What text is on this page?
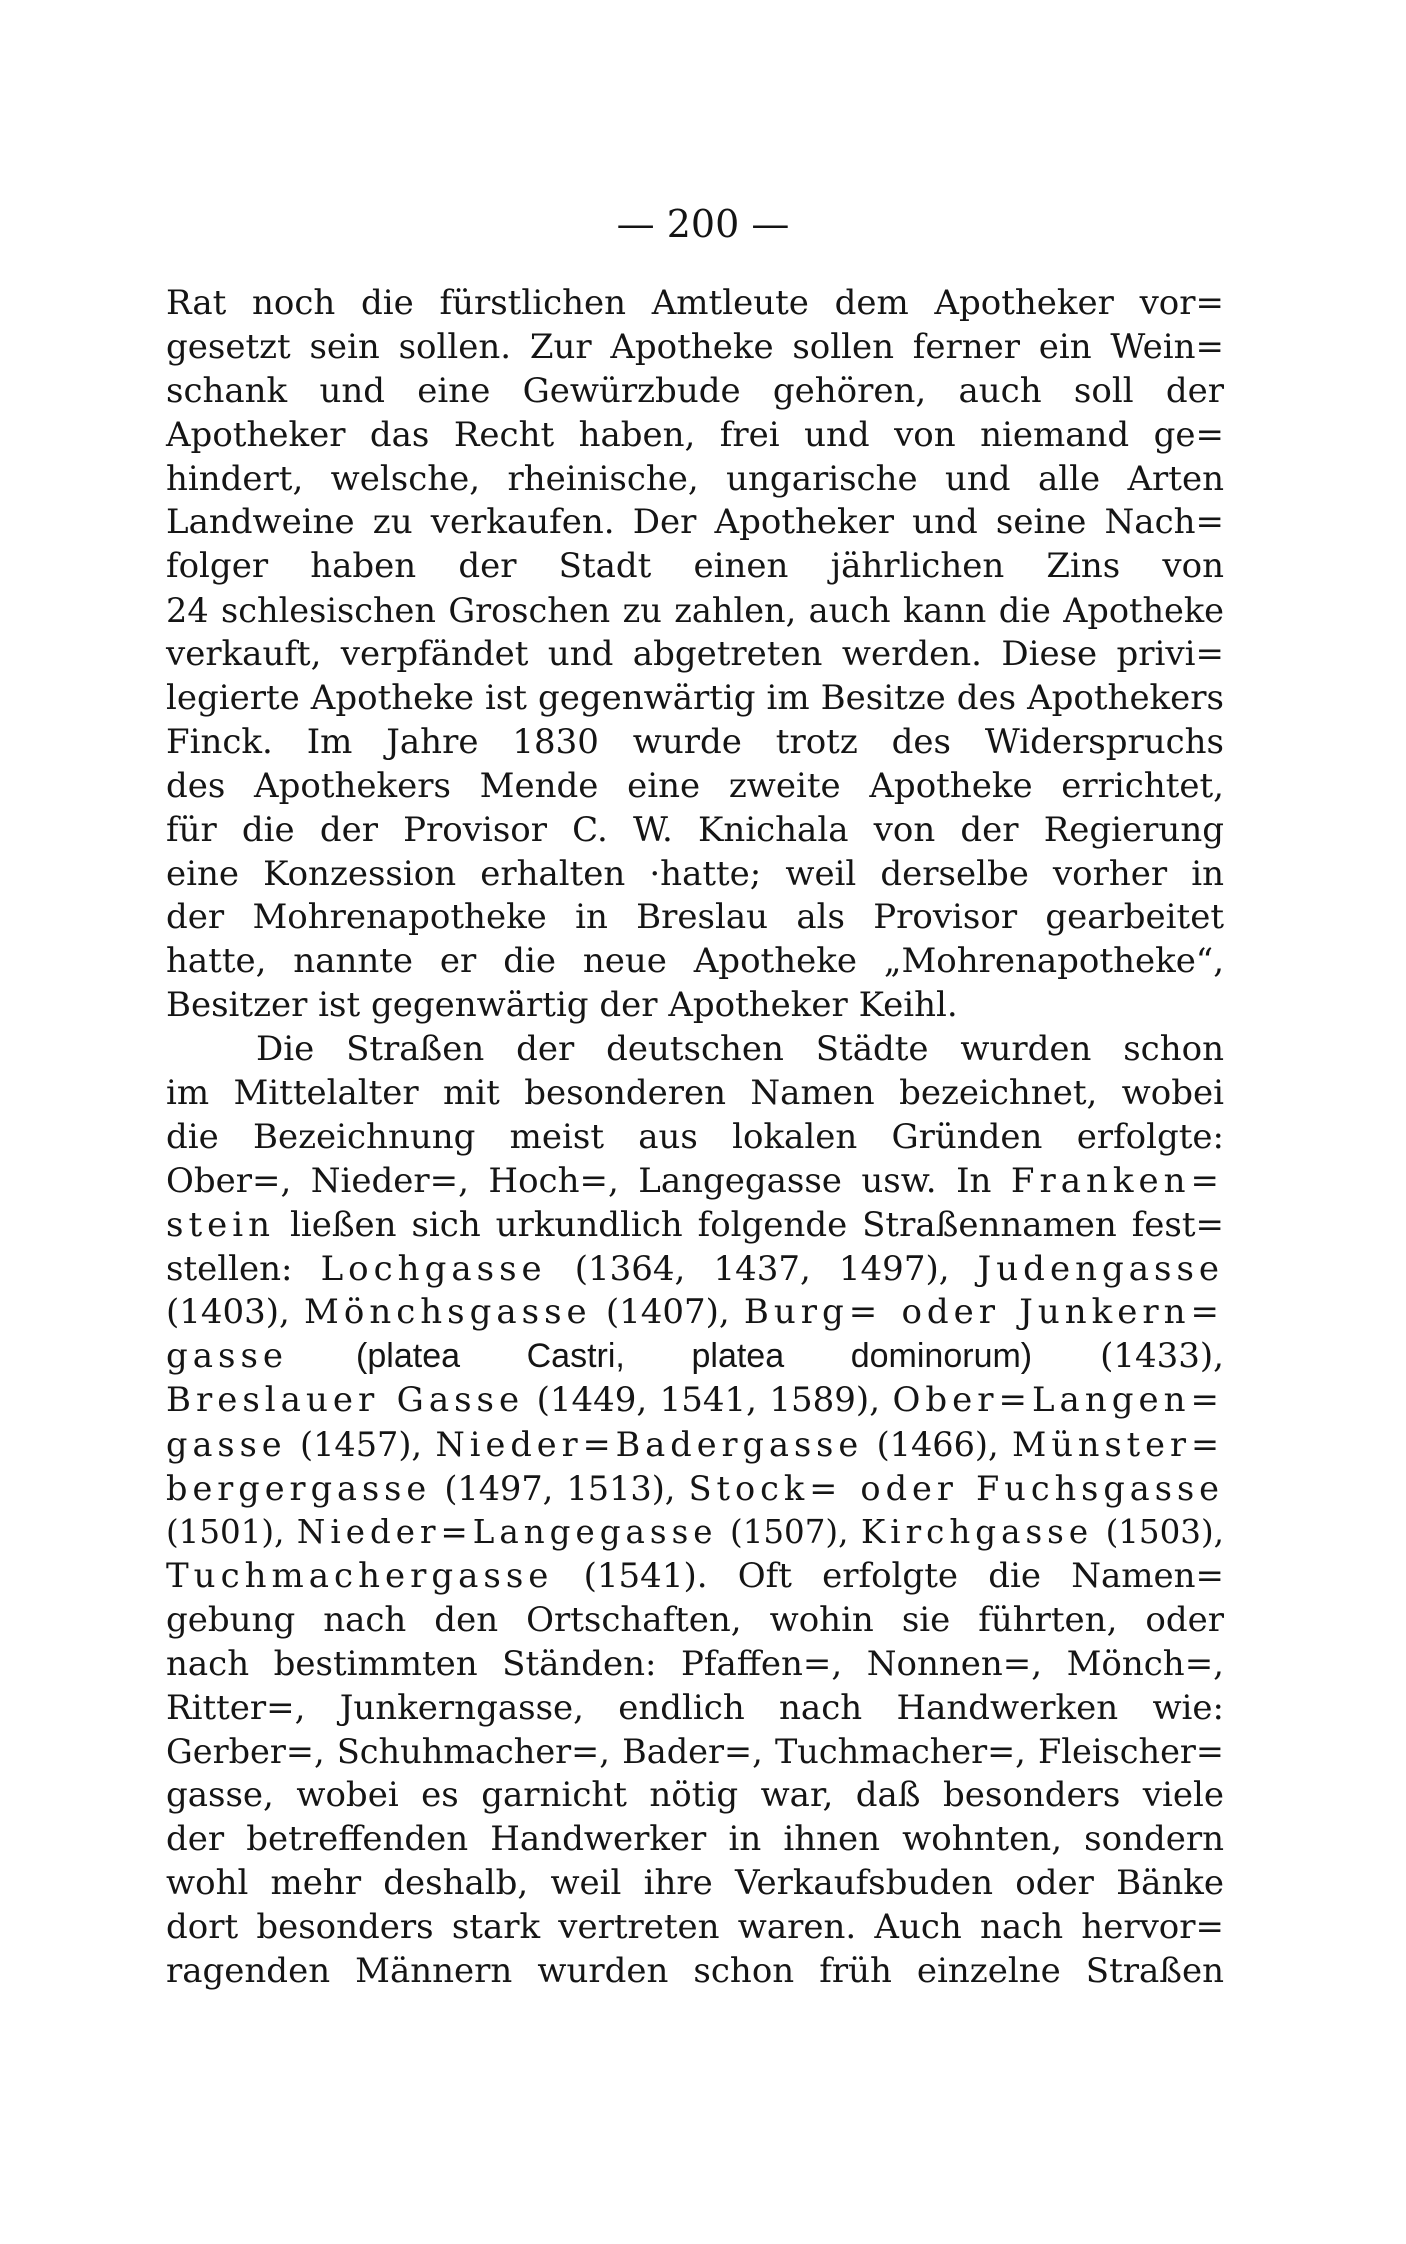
— 200 —
Rat noch die fürstlichen Amtleute dem Apotheker vor=
gesetzt sein sollen. Zur Apotheke sollen ferner ein Wein=
schank und eine Gewürzbude gehören, auch soll der
Apotheker das Recht haben, frei und von niemand ge=
hindert, welsche, rheinische, ungarische und alle Arten
Landweine zu verkaufen. Der Apotheker und seine Nach=
folger haben der Stadt einen jährlichen Zins von
24 schlesischen Groschen zu zahlen, auch kann die Apotheke
verkauft, verpfändet und abgetreten werden. Diese privi=
legierte Apotheke ist gegenwärtig im Besitze des Apothekers
Finck. Im Jahre 1830 wurde trotz des Widerspruchs
des Apothekers Mende eine zweite Apotheke errichtet,
für die der Provisor C. W. Knichala von der Regierung
eine Konzession erhalten ·hatte; weil derselbe vorher in
der Mohrenapotheke in Breslau als Provisor gearbeitet
hatte, nannte er die neue Apotheke „Mohrenapotheke“,
Besitzer ist gegenwärtig der Apotheker Keihl.
Die Straßen der deutschen Städte wurden schon
im Mittelalter mit besonderen Namen bezeichnet, wobei
die Bezeichnung meist aus lokalen Gründen erfolgte:
Ober=, Nieder=, Hoch=, Langegasse usw. In Franken=
stein ließen sich urkundlich folgende Straßennamen fest=
stellen: Lochgasse (1364, 1437, 1497), Judengasse
(1403), Mönchsgasse (1407), Burg= oder Junkern=
gasse (platea Castri, platea dominorum) (1433),
Breslauer Gasse (1449, 1541, 1589), Ober=Langen=
gasse (1457), Nieder=Badergasse (1466), Münster=
bergergasse (1497, 1513), Stock= oder Fuchsgasse
(1501), Nieder=Langegasse (1507), Kirchgasse (1503),
Tuchmachergasse (1541). Oft erfolgte die Namen=
gebung nach den Ortschaften, wohin sie führten, oder
nach bestimmten Ständen: Pfaffen=, Nonnen=, Mönch=,
Ritter=, Junkerngasse, endlich nach Handwerken wie:
Gerber=, Schuhmacher=, Bader=, Tuchmacher=, Fleischer=
gasse, wobei es garnicht nötig war, daß besonders viele
der betreffenden Handwerker in ihnen wohnten, sondern
wohl mehr deshalb, weil ihre Verkaufsbuden oder Bänke
dort besonders stark vertreten waren. Auch nach hervor=
ragenden Männern wurden schon früh einzelne Straßen
